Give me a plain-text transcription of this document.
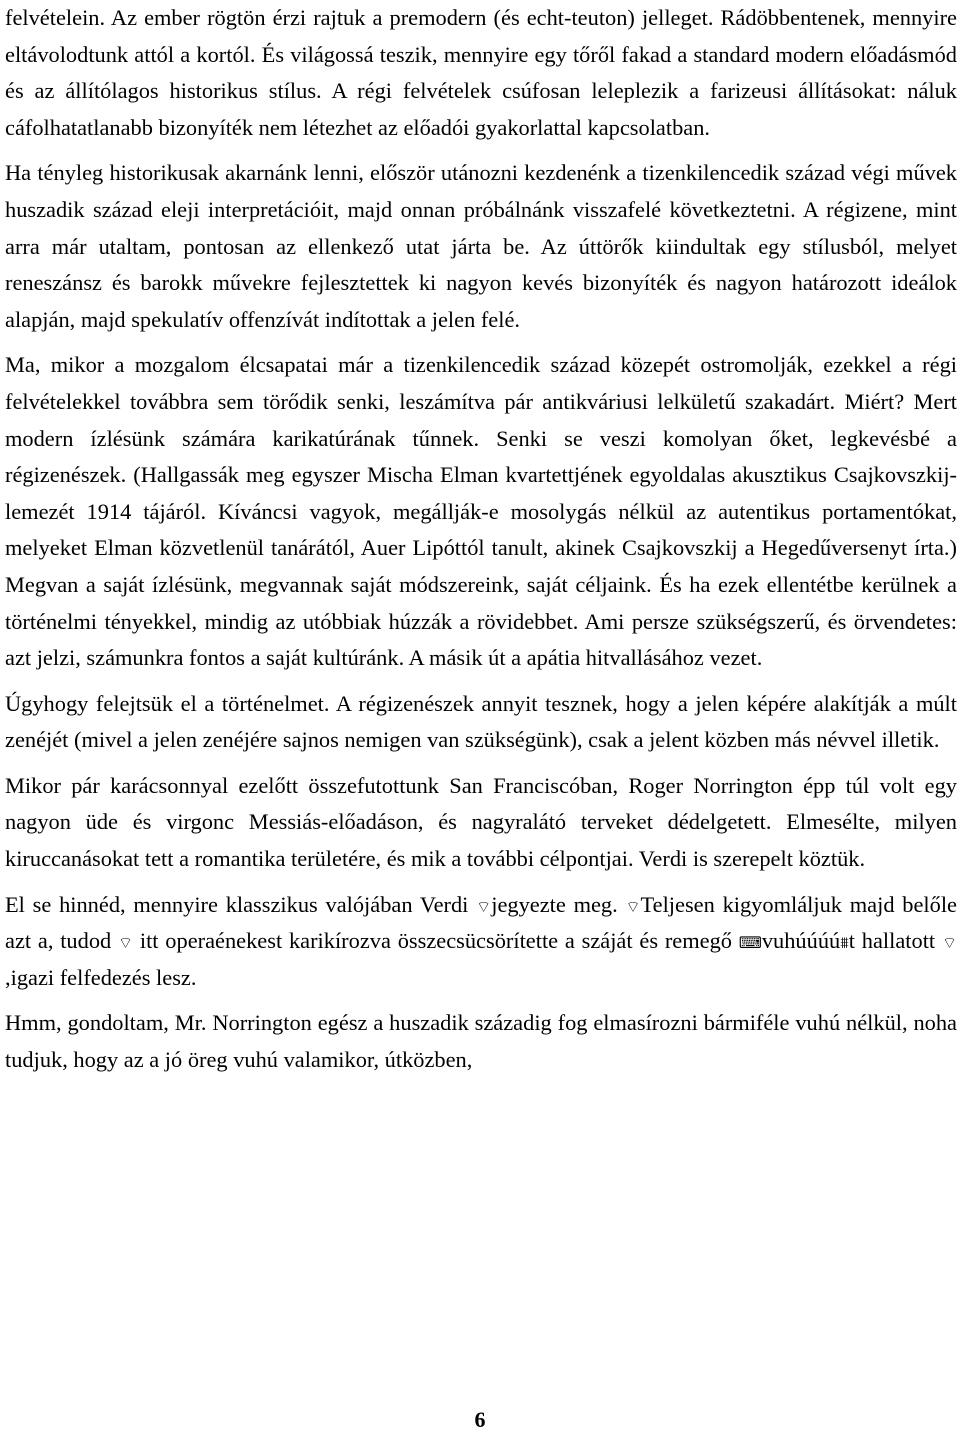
felvételein. Az ember rögtön érzi rajtuk a premodern (és echt-teuton) jelleget. Rádöbbentenek, mennyire eltávolodtunk attól a kortól. És világossá teszik, mennyire egy tőről fakad a standard modern előadásmód és az állítólagos historikus stílus. A régi felvételek csúfosan leleplezik a farizeusi állításokat: náluk cáfolhatatlanabb bizonyíték nem létezhet az előadói gyakorlattal kapcsolatban.

Ha tényleg historikusak akarnánk lenni, először utánozni kezdenénk a tizenkilencedik század végi művek huszadik század eleji interpretációit, majd onnan próbálnánk visszafelé következtetni. A régizene, mint arra már utaltam, pontosan az ellenkező utat járta be. Az úttörők kiindultak egy stílusból, melyet reneszánsz és barokk művekre fejlesztettek ki nagyon kevés bizonyíték és nagyon határozott ideálok alapján, majd spekulatív offenzívát indítottak a jelen felé.

Ma, mikor a mozgalom élcsapatai már a tizenkilencedik század közepét ostromolják, ezekkel a régi felvételekkel továbbra sem törődik senki, leszámítva pár antikváriusi lelkületű szakadárt. Miért? Mert modern ízlésünk számára karikatúrának tűnnek. Senki se veszi komolyan őket, legkevésbé a régizenészek. (Hallgassák meg egyszer Mischa Elman kvartettjének egyoldalas akusztikus Csajkovszkij-lemezét 1914 tájáról. Kíváncsi vagyok, megállják-e mosolygás nélkül az autentikus portamentókat, melyeket Elman közvetlenül tanárától, Auer Lipóttól tanult, akinek Csajkovszkij a Hegedűversenyt írta.) Megvan a saját ízlésünk, megvannak saját módszereink, saját céljaink. És ha ezek ellentétbe kerülnek a történelmi tényekkel, mindig az utóbbiak húzzák a rövidebbet. Ami persze szükségszerű, és örvendetes: azt jelzi, számunkra fontos a saját kultúránk. A másik út a apátia hitvallásához vezet.

Úgyhogy felejtsük el a történelmet. A régizenészek annyit tesznek, hogy a jelen képére alakítják a múlt zenéjét (mivel a jelen zenéjére sajnos nemigen van szükségünk), csak a jelent közben más névvel illetik.

Mikor pár karácsonnyal ezelőtt összefutottunk San Franciscóban, Roger Norrington épp túl volt egy nagyon üde és virgonc Messiás-előadáson, és nagyralátó terveket dédelgetett. Elmesélte, milyen kiruccanásokat tett a romantika területére, és mik a további célpontjai. Verdi is szerepelt köztük.

El se hinnéd, mennyire klasszikus valójában Verdi ⌔jegyezte meg. ⌔Teljesen kigyomláljuk majd belőle azt a, tudod ⌔ itt operaénekest karikírozva összecsücsörítette a száját és remegő ⌨vuhúúúú⩩t hallatott ⌔,igazi felfedezés lesz.

Hmm, gondoltam, Mr. Norrington egész a huszadik századig fog elmasírozni bármiféle vuhú nélkül, noha tudjuk, hogy az a jó öreg vuhú valamikor, útközben,

6
